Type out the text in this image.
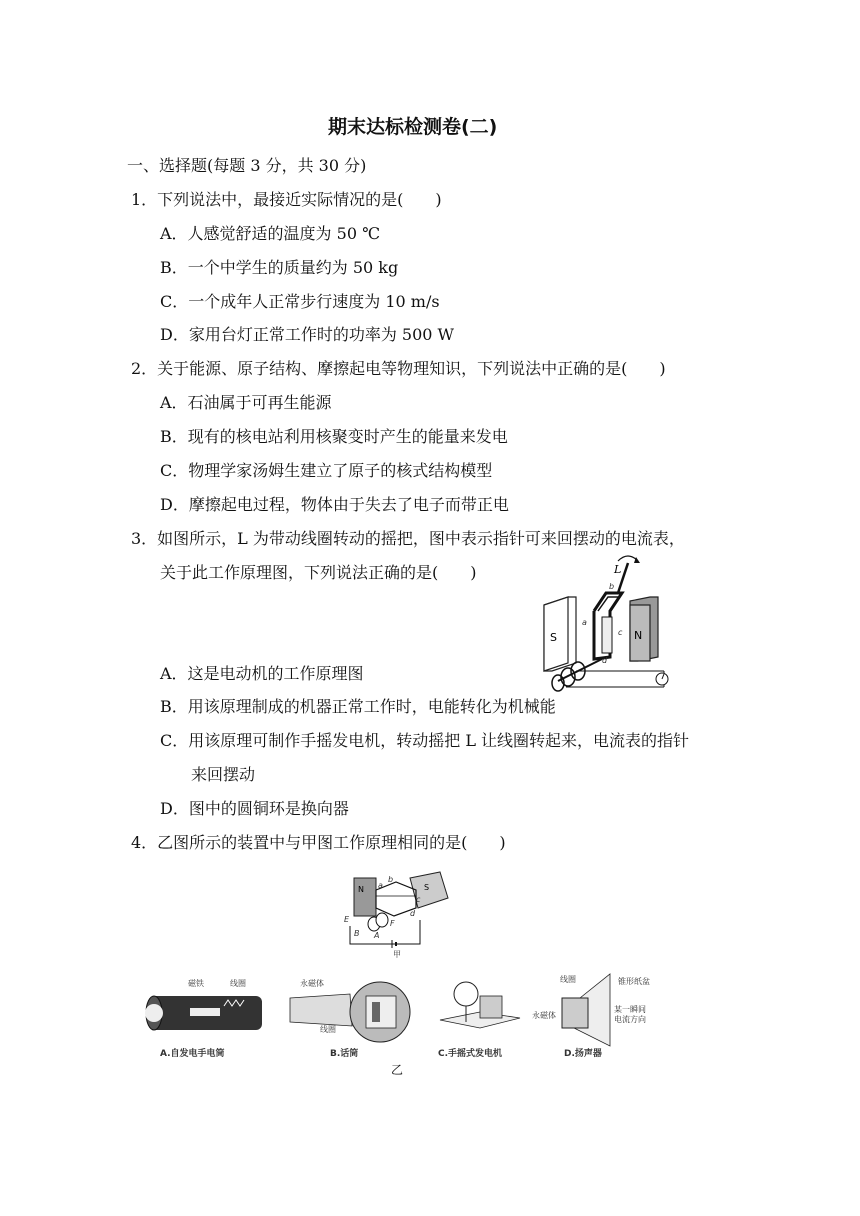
期末达标检测卷(二)
一、选择题(每题 3 分，共 30 分)
1．下列说法中，最接近实际情况的是(　　)
A．人感觉舒适的温度为 50 ℃
B．一个中学生的质量约为 50 kg
C．一个成年人正常步行速度为 10 m/s
D．家用台灯正常工作时的功率为 500 W
2．关于能源、原子结构、摩擦起电等物理知识，下列说法中正确的是(　　)
A．石油属于可再生能源
B．现有的核电站利用核聚变时产生的能量来发电
C．物理学家汤姆生建立了原子的核式结构模型
D．摩擦起电过程，物体由于失去了电子而带正电
3．如图所示，L 为带动线圈转动的摇把，图中表示指针可来回摆动的电流表，
关于此工作原理图，下列说法正确的是(　　)
S	N
a
b
c
d
L
A．这是电动机的工作原理图
B．用该原理制成的机器正常工作时，电能转化为机械能
C．用该原理可制作手摇发电机，转动摇把 L 让线圈转起来，电流表的指针
来回摆动
D．图中的圆铜环是换向器
4．乙图所示的装置中与甲图工作原理相同的是(　　)
N	S
b
a
c
d
E	F
B A
甲
磁铁	线圈
A.自发电手电筒
永磁体
线圈
B.话筒	C.手摇式发电机
线圈	锥形纸盆
永磁体
某一瞬间
电流方向
D.扬声器
乙
